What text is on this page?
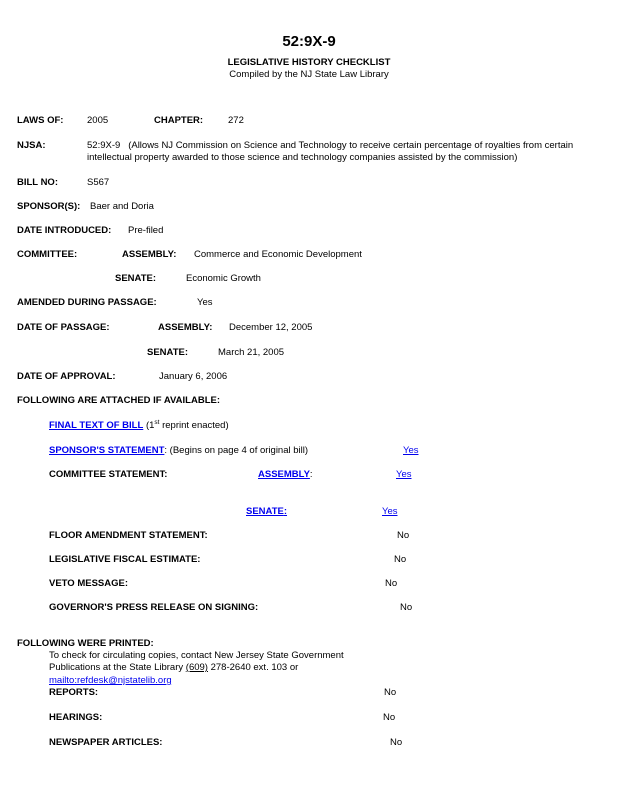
52:9X-9
LEGISLATIVE HISTORY CHECKLIST
Compiled by the NJ State Law Library
LAWS OF: 2005	CHAPTER:	272
NJSA:	52:9X-9   (Allows NJ Commission on Science and Technology to receive certain percentage of royalties from certain
intellectual property awarded to those science and technology companies assisted by the commission)
BILL NO:	S567
SPONSOR(S): Baer and Doria
DATE INTRODUCED: Pre-filed
COMMITTEE:	ASSEMBLY: Commerce and Economic Development
SENATE:	Economic Growth
AMENDED DURING PASSAGE:	Yes
DATE OF PASSAGE:	ASSEMBLY: December 12, 2005
SENATE:	March 21, 2005
DATE OF APPROVAL:	January 6, 2006
FOLLOWING ARE ATTACHED IF AVAILABLE:
FINAL TEXT OF BILL (1st reprint enacted)
SPONSOR'S STATEMENT: (Begins on page 4 of original bill)	Yes
COMMITTEE STATEMENT:	ASSEMBLY:	Yes
SENATE:	Yes
FLOOR AMENDMENT STATEMENT:	No
LEGISLATIVE FISCAL ESTIMATE:	No
VETO MESSAGE:	No
GOVERNOR'S PRESS RELEASE ON SIGNING:	No
FOLLOWING WERE PRINTED:
To check for circulating copies, contact New Jersey State Government
Publications at the State Library (609) 278-2640 ext. 103 or
mailto:refdesk@njstatelib.org
REPORTS:	No
HEARINGS:	No
NEWSPAPER ARTICLES:	No
